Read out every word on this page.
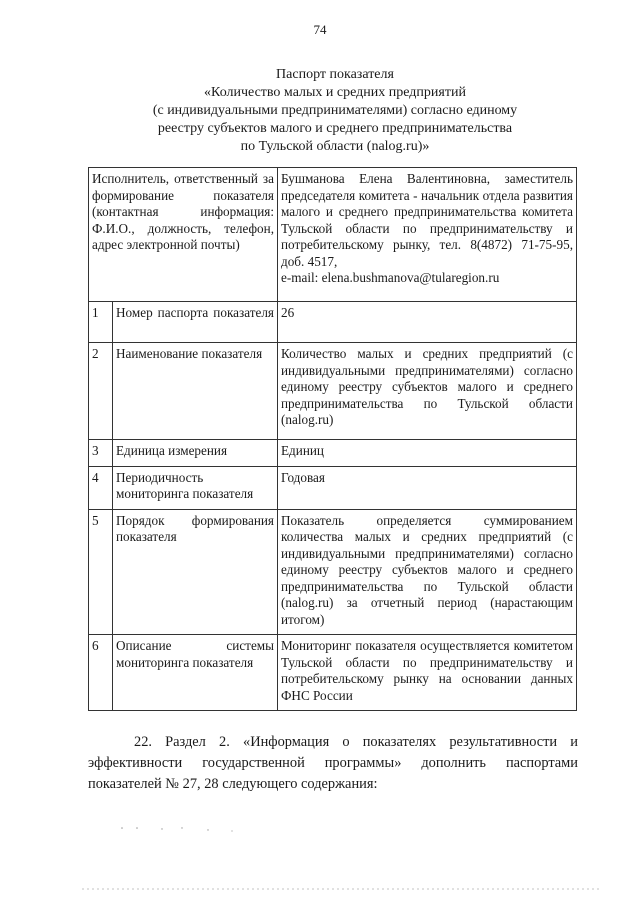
74
Паспорт показателя
«Количество малых и средних предприятий
(с индивидуальными предпринимателями) согласно единому
реестру субъектов малого и среднего предпринимательства
по Тульской области (nalog.ru)»
Исполнитель, ответственный за формирование показателя (контактная информация: Ф.И.О., должность, телефон, адрес электронной почты)		Бушманова Елена Валентиновна, заместитель председателя комитета - начальник отдела развития малого и среднего предпринимательства комитета Тульской области по предпринимательству и потребительскому рынку, тел. 8(4872) 71-75-95, доб. 4517,
e-mail: elena.bushmanova@tularegion.ru
1	Номер паспорта показателя	26
2	Наименование показателя	Количество малых и средних предприятий (с индивидуальными предпринимателями) согласно единому реестру субъектов малого и среднего предпринимательства по Тульской области (nalog.ru)
3	Единица измерения	Единиц
4	Периодичность мониторинга показателя	Годовая
5	Порядок формирования показателя	Показатель определяется суммированием количества малых и средних предприятий (с индивидуальными предпринимателями) согласно единому реестру субъектов малого и среднего предпринимательства по Тульской области (nalog.ru) за отчетный период (нарастающим итогом)
6	Описание системы мониторинга показателя	Мониторинг показателя осуществляется комитетом Тульской области по предпринимательству и потребительскому рынку на основании данных ФНС России
22. Раздел 2. «Информация о показателях результативности и эффективности государственной программы» дополнить паспортами показателей № 27, 28 следующего содержания:
